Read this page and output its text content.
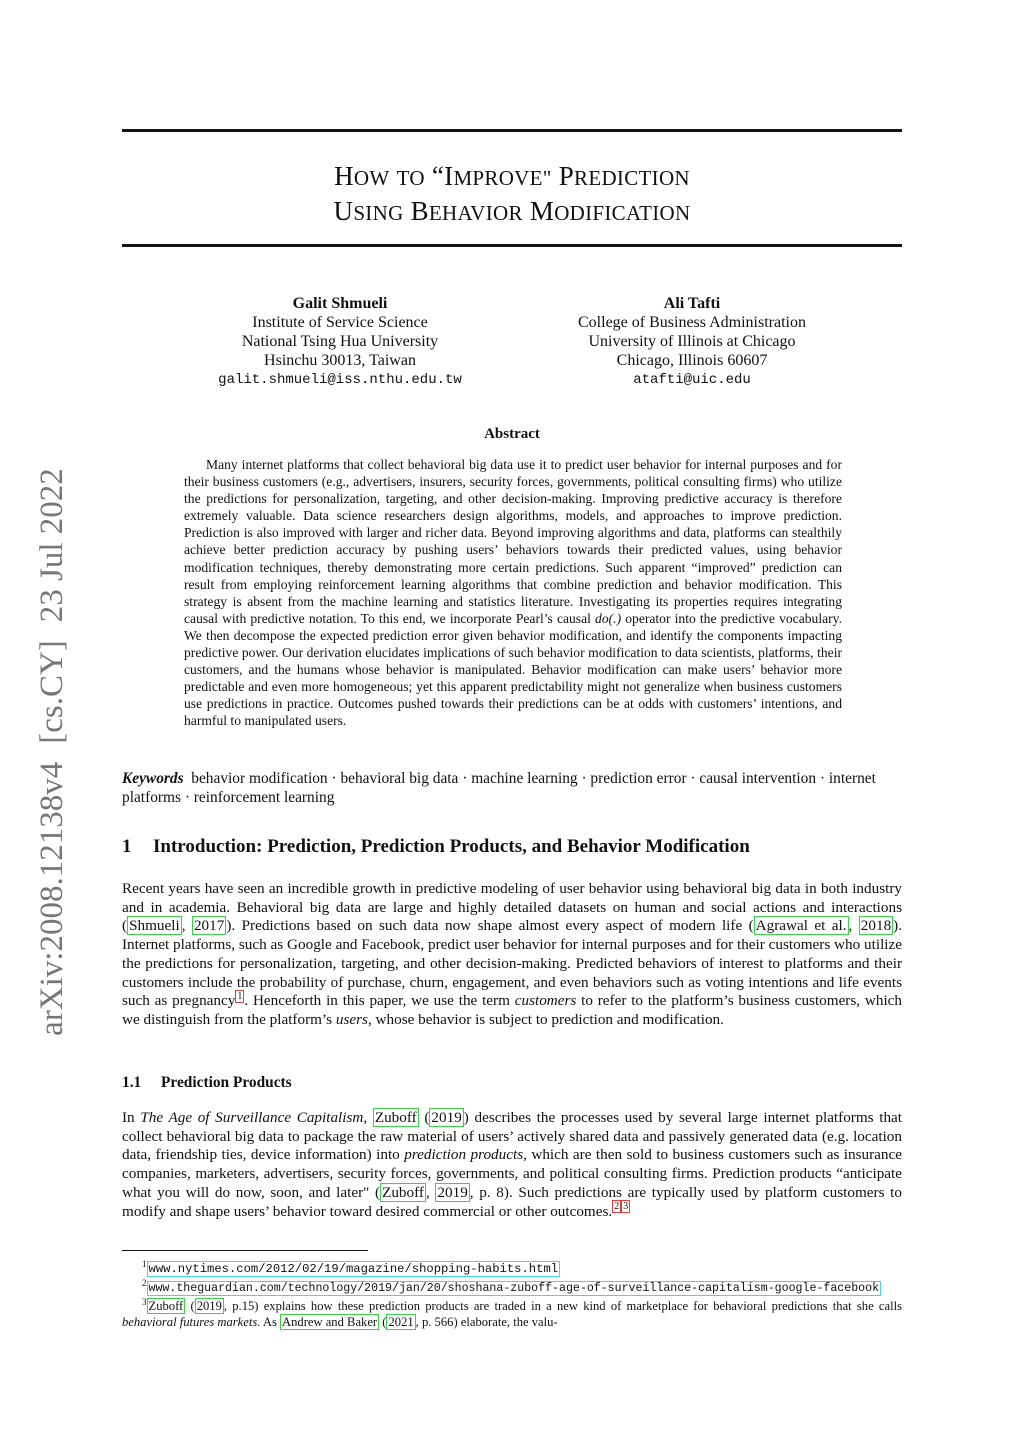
arXiv:2008.12138v4[cs.CY]23 Jul 2022
HOW TO “IMPROVE" PREDICTION
USING BEHAVIOR MODIFICATION
Galit Shmueli
Institute of Service Science
National Tsing Hua University
Hsinchu 30013, Taiwan
galit.shmueli@iss.nthu.edu.tw
Ali Tafti
College of Business Administration
University of Illinois at Chicago
Chicago, Illinois 60607
atafti@uic.edu
Abstract
Many internet platforms that collect behavioral big data use it to predict user behavior for internal purposes and for their business customers (e.g., advertisers, insurers, security forces, governments, political consulting firms) who utilize the predictions for personalization, targeting, and other decision-making. Improving predictive accuracy is therefore extremely valuable. Data science researchers design algorithms, models, and approaches to improve prediction. Prediction is also improved with larger and richer data. Beyond improving algorithms and data, platforms can stealthily achieve better prediction accuracy by pushing users’ behaviors towards their predicted values, using behavior modification techniques, thereby demonstrating more certain predictions. Such apparent “improved” prediction can result from employing reinforcement learning algorithms that combine prediction and behavior modification. This strategy is absent from the machine learning and statistics literature. Investigating its properties requires integrating causal with predictive notation. To this end, we incorporate Pearl’s causal do(.) operator into the predictive vocabulary. We then decompose the expected prediction error given behavior modification, and identify the components impacting predictive power. Our derivation elucidates implications of such behavior modification to data scientists, platforms, their customers, and the humans whose behavior is manipulated. Behavior modification can make users’ behavior more predictable and even more homogeneous; yet this apparent predictability might not generalize when business customers use predictions in practice. Outcomes pushed towards their predictions can be at odds with customers’ intentions, and harmful to manipulated users.
Keywords behavior modification · behavioral big data · machine learning · prediction error · causal intervention · internet platforms · reinforcement learning
1 Introduction: Prediction, Prediction Products, and Behavior Modification
Recent years have seen an incredible growth in predictive modeling of user behavior using behavioral big data in both industry and in academia. Behavioral big data are large and highly detailed datasets on human and social actions and interactions ( Shmueli , 2017 ). Predictions based on such data now shape almost every aspect of modern life ( Agrawal et al. , 2018 ). Internet platforms, such as Google and Facebook, predict user behavior for internal purposes and for their customers who utilize the predictions for personalization, targeting, and other decision-making. Predicted behaviors of interest to platforms and their customers include the probability of purchase, churn, engagement, and even behaviors such as voting intentions and life events such as pregnancy $^1$ . Henceforth in this paper, we use the term customers to refer to the platform’s business customers, which we distinguish from the platform’s users, whose behavior is subject to prediction and modification.
1.1 Prediction Products
In The Age of Surveillance Capitalism, Zuboff ( 2019 ) describes the processes used by several large internet platforms that collect behavioral big data to package the raw material of users’ actively shared data and passively generated data (e.g. location data, friendship ties, device information) into prediction products, which are then sold to business customers such as insurance companies, marketers, advertisers, security forces, governments, and political consulting firms. Prediction products “anticipate what you will do now, soon, and later" ( Zuboff , 2019 , p. 8). Such predictions are typically used by platform customers to modify and shape users’ behavior toward desired commercial or other outcomes. $^2$ $^3$
$^1$ www.nytimes.com/2012/02/19/magazine/shopping-habits.html
$^2$ www.theguardian.com/technology/2019/jan/20/shoshana-zuboff-age-of-surveillance-capitalism-google-facebook
$^3$ Zuboff ( 2019 , p.15) explains how these prediction products are traded in a new kind of marketplace for behavioral predictions that she calls behavioral futures markets. As Andrew and Baker ( 2021 , p. 566) elaborate, the valu-
